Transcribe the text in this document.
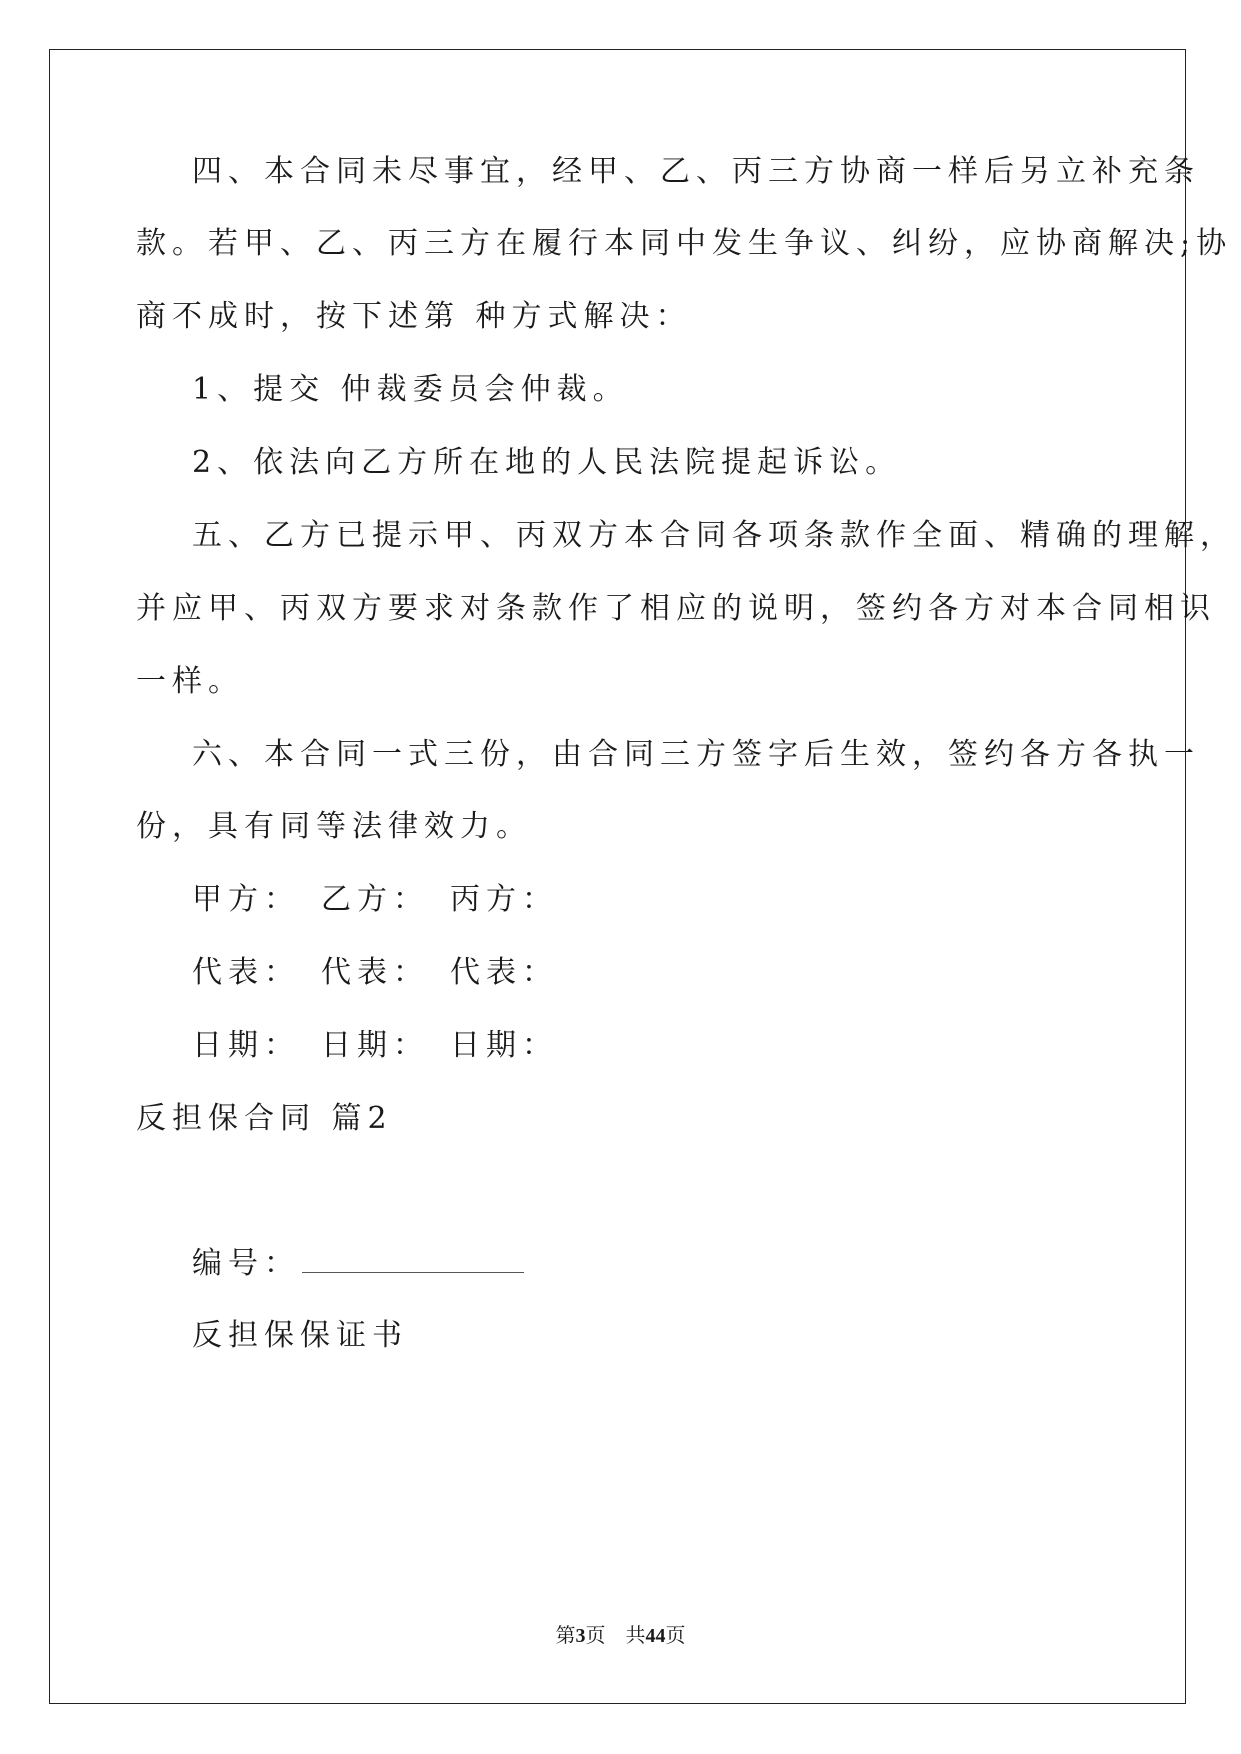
四、本合同未尽事宜，经甲、乙、丙三方协商一样后另立补充条

款。若甲、乙、丙三方在履行本同中发生争议、纠纷，应协商解决;协

商不成时，按下述第 种方式解决：

1、提交 仲裁委员会仲裁。

2、依法向乙方所在地的人民法院提起诉讼。

五、乙方已提示甲、丙双方本合同各项条款作全面、精确的理解，

并应甲、丙双方要求对条款作了相应的说明，签约各方对本合同相识

一样。

六、本合同一式三份，由合同三方签字后生效，签约各方各执一

份，具有同等法律效力。

甲方：　乙方：　丙方：

代表：　代表：　代表：

日期：　日期：　日期：

反担保合同 篇2

编号：

反担保保证书

第3页　共44页
